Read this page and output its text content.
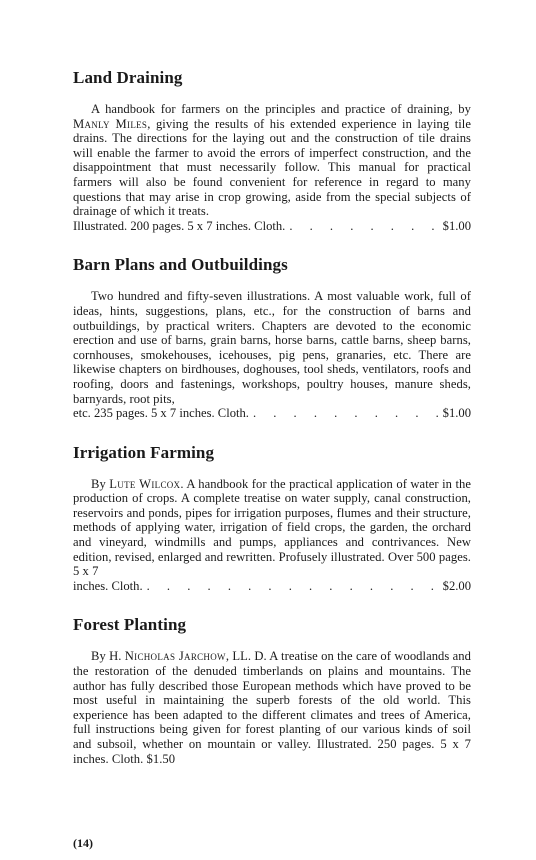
Land Draining

A handbook for farmers on the principles and practice of draining, by Manly Miles, giving the results of his extended experience in laying tile drains. The directions for the laying out and the construction of tile drains will enable the farmer to avoid the errors of imperfect construction, and the disappointment that must necessarily follow. This manual for practical farmers will also be found convenient for reference in regard to many questions that may arise in crop growing, aside from the special subjects of drainage of which it treats.

Illustrated. 200 pages. 5 x 7 inches. Cloth. . . .	$1.00
Barn Plans and Outbuildings

Two hundred and fifty-seven illustrations. A most valuable work, full of ideas, hints, suggestions, plans, etc., for the construction of barns and outbuildings, by practical writers. Chapters are devoted to the economic erection and use of barns, grain barns, horse barns, cattle barns, sheep barns, cornhouses, smokehouses, icehouses, pig pens, granaries, etc. There are likewise chapters on birdhouses, doghouses, tool sheds, ventilators, roofs and roofing, doors and fastenings, workshops, poultry houses, manure sheds, barnyards, root pits,

etc. 235 pages. 5 x 7 inches. Cloth. . . .	$1.00
Irrigation Farming

By Lute Wilcox. A handbook for the practical application of water in the production of crops. A complete treatise on water supply, canal construction, reservoirs and ponds, pipes for irrigation purposes, flumes and their structure, methods of applying water, irrigation of field crops, the garden, the orchard and vineyard, windmills and pumps, appliances and contrivances. New edition, revised, enlarged and rewritten. Profusely illustrated. Over 500 pages. 5 x 7

inches. Cloth. . . .	$2.00
Forest Planting

By H. Nicholas Jarchow, LL. D. A treatise on the care of woodlands and the restoration of the denuded timberlands on plains and mountains. The author has fully described those European methods which have proved to be most useful in maintaining the superb forests of the old world. This experience has been adapted to the different climates and trees of America, full instructions being given for forest planting of our various kinds of soil and subsoil, whether on mountain or valley. Illustrated. 250 pages. 5 x 7 inches. Cloth. $1.50

(14)
